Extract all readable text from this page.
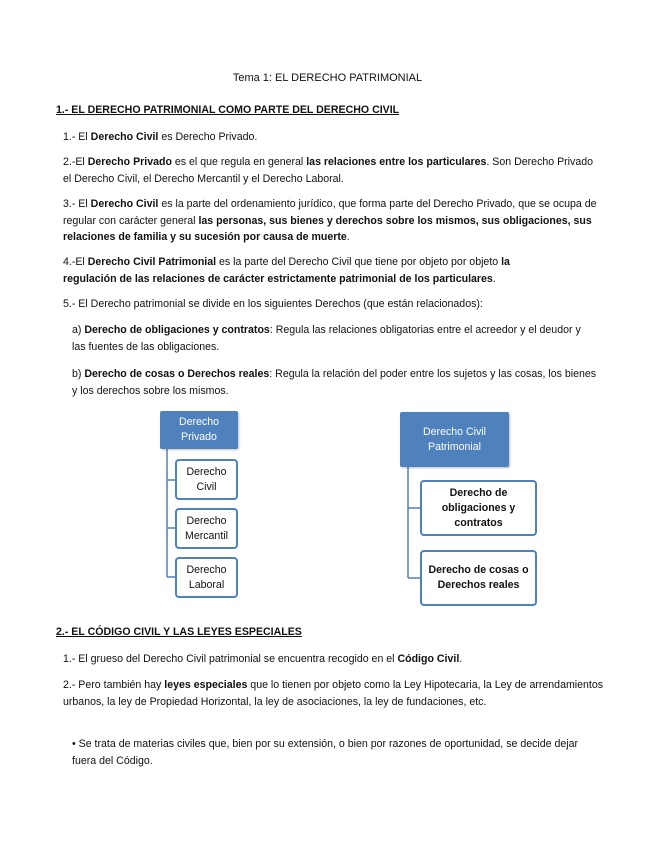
Tema 1: EL DERECHO PATRIMONIAL
1.- EL DERECHO PATRIMONIAL COMO PARTE DEL DERECHO CIVIL

1.- El Derecho Civil es Derecho Privado.

2.-El Derecho Privado es el que regula en general las relaciones entre los particulares. Son Derecho Privado el Derecho Civil, el Derecho Mercantil y el Derecho Laboral.

3.- El Derecho Civil es la parte del ordenamiento jurídico, que forma parte del Derecho Privado, que se ocupa de regular con carácter general las personas, sus bienes y derechos sobre los mismos, sus obligaciones, sus relaciones de familia y su sucesión por causa de muerte.

4.-El Derecho Civil Patrimonial es la parte del Derecho Civil que tiene por objeto por objeto la regulación de las relaciones de carácter estrictamente patrimonial de los particulares.

5.- El Derecho patrimonial se divide en los siguientes Derechos (que están relacionados):

a) Derecho de obligaciones y contratos: Regula las relaciones obligatorias entre el acreedor y el deudor y las fuentes de las obligaciones.

b) Derecho de cosas o Derechos reales: Regula la relación del poder entre los sujetos y las cosas, los bienes y los derechos sobre los mismos.

Derecho Privado
Derecho Civil
Derecho Mercantil
Derecho Laboral
Derecho Civil Patrimonial
Derecho de obligaciones y contratos
Derecho de cosas o Derechos reales
2.- EL CÓDIGO CIVIL Y LAS LEYES ESPECIALES

1.- El grueso del Derecho Civil patrimonial se encuentra recogido en el Código Civil.

2.- Pero también hay leyes especiales que lo tienen por objeto como la Ley Hipotecaria, la Ley de arrendamientos urbanos, la ley de Propiedad Horizontal, la ley de asociaciones, la ley de fundaciones, etc.

• Se trata de materias civiles que, bien por su extensión, o bien por razones de oportunidad, se decide dejar fuera del Código.
